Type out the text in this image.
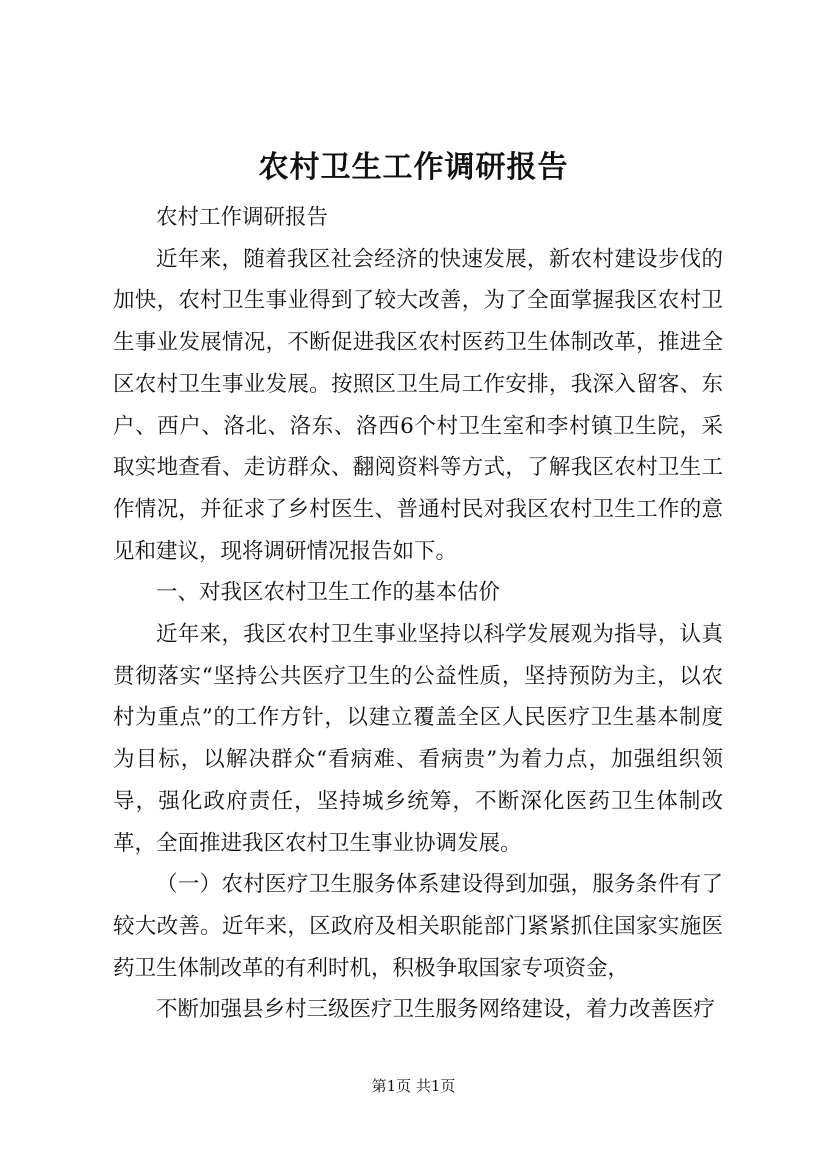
农村卫生工作调研报告

农村工作调研报告

近年来，随着我区社会经济的快速发展，新农村建设步伐的加快，农村卫生事业得到了较大改善，为了全面掌握我区农村卫生事业发展情况，不断促进我区农村医药卫生体制改革，推进全区农村卫生事业发展。按照区卫生局工作安排，我深入留客、东户、西户、洛北、洛东、洛西6个村卫生室和李村镇卫生院，采取实地查看、走访群众、翻阅资料等方式，了解我区农村卫生工作情况，并征求了乡村医生、普通村民对我区农村卫生工作的意见和建议，现将调研情况报告如下。

一、对我区农村卫生工作的基本估价

近年来，我区农村卫生事业坚持以科学发展观为指导，认真贯彻落实“坚持公共医疗卫生的公益性质，坚持预防为主，以农村为重点”的工作方针，以建立覆盖全区人民医疗卫生基本制度为目标，以解决群众“看病难、看病贵”为着力点，加强组织领导，强化政府责任，坚持城乡统筹，不断深化医药卫生体制改革，全面推进我区农村卫生事业协调发展。

（一）农村医疗卫生服务体系建设得到加强，服务条件有了较大改善。近年来，区政府及相关职能部门紧紧抓住国家实施医药卫生体制改革的有利时机，积极争取国家专项资金，

不断加强县乡村三级医疗卫生服务网络建设，着力改善医疗

第1页 共1页
